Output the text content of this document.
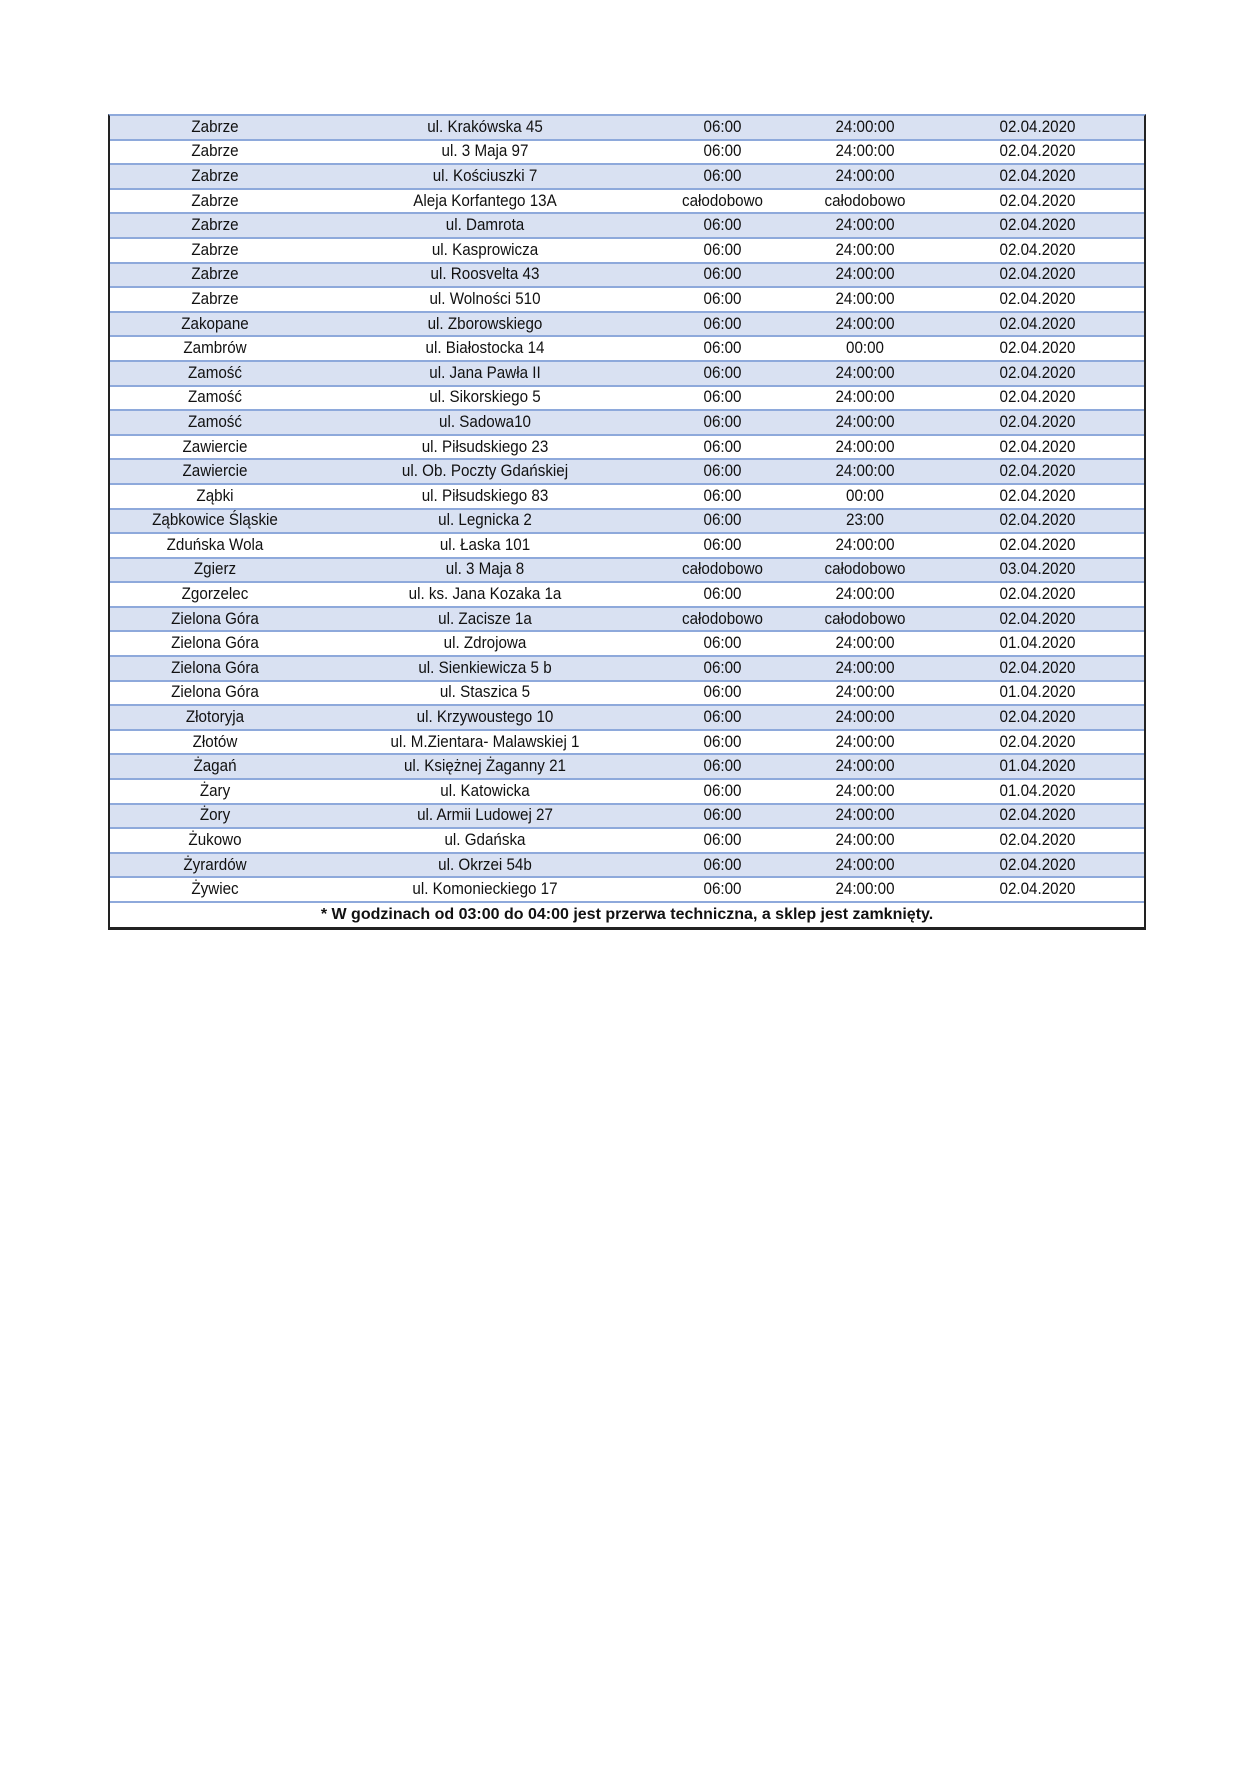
Zabrze	ul. Krakówska 45	06:00	24:00:00	02.04.2020
Zabrze	ul. 3 Maja 97	06:00	24:00:00	02.04.2020
Zabrze	ul. Kościuszki 7	06:00	24:00:00	02.04.2020
Zabrze	Aleja Korfantego 13A	całodobowo	całodobowo	02.04.2020
Zabrze	ul. Damrota	06:00	24:00:00	02.04.2020
Zabrze	ul. Kasprowicza	06:00	24:00:00	02.04.2020
Zabrze	ul. Roosvelta 43	06:00	24:00:00	02.04.2020
Zabrze	ul. Wolności 510	06:00	24:00:00	02.04.2020
Zakopane	ul. Zborowskiego	06:00	24:00:00	02.04.2020
Zambrów	ul. Białostocka 14	06:00	00:00	02.04.2020
Zamość	ul. Jana Pawła II	06:00	24:00:00	02.04.2020
Zamość	ul. Sikorskiego 5	06:00	24:00:00	02.04.2020
Zamość	ul. Sadowa10	06:00	24:00:00	02.04.2020
Zawiercie	ul. Piłsudskiego 23	06:00	24:00:00	02.04.2020
Zawiercie	ul. Ob. Poczty Gdańskiej	06:00	24:00:00	02.04.2020
Ząbki	ul. Piłsudskiego 83	06:00	00:00	02.04.2020
Ząbkowice Śląskie	ul. Legnicka 2	06:00	23:00	02.04.2020
Zduńska Wola	ul. Łaska 101	06:00	24:00:00	02.04.2020
Zgierz	ul. 3 Maja 8	całodobowo	całodobowo	03.04.2020
Zgorzelec	ul. ks. Jana Kozaka 1a	06:00	24:00:00	02.04.2020
Zielona Góra	ul. Zacisze 1a	całodobowo	całodobowo	02.04.2020
Zielona Góra	ul. Zdrojowa	06:00	24:00:00	01.04.2020
Zielona Góra	ul. Sienkiewicza 5 b	06:00	24:00:00	02.04.2020
Zielona Góra	ul. Staszica 5	06:00	24:00:00	01.04.2020
Złotoryja	ul. Krzywoustego 10	06:00	24:00:00	02.04.2020
Złotów	ul. M.Zientara- Malawskiej 1	06:00	24:00:00	02.04.2020
Żagań	ul. Księżnej Żaganny 21	06:00	24:00:00	01.04.2020
Żary	ul. Katowicka	06:00	24:00:00	01.04.2020
Żory	ul. Armii Ludowej 27	06:00	24:00:00	02.04.2020
Żukowo	ul. Gdańska	06:00	24:00:00	02.04.2020
Żyrardów	ul. Okrzei 54b	06:00	24:00:00	02.04.2020
Żywiec	ul. Komonieckiego 17	06:00	24:00:00	02.04.2020
* W godzinach od 03:00 do 04:00 jest przerwa techniczna, a sklep jest zamknięty.
